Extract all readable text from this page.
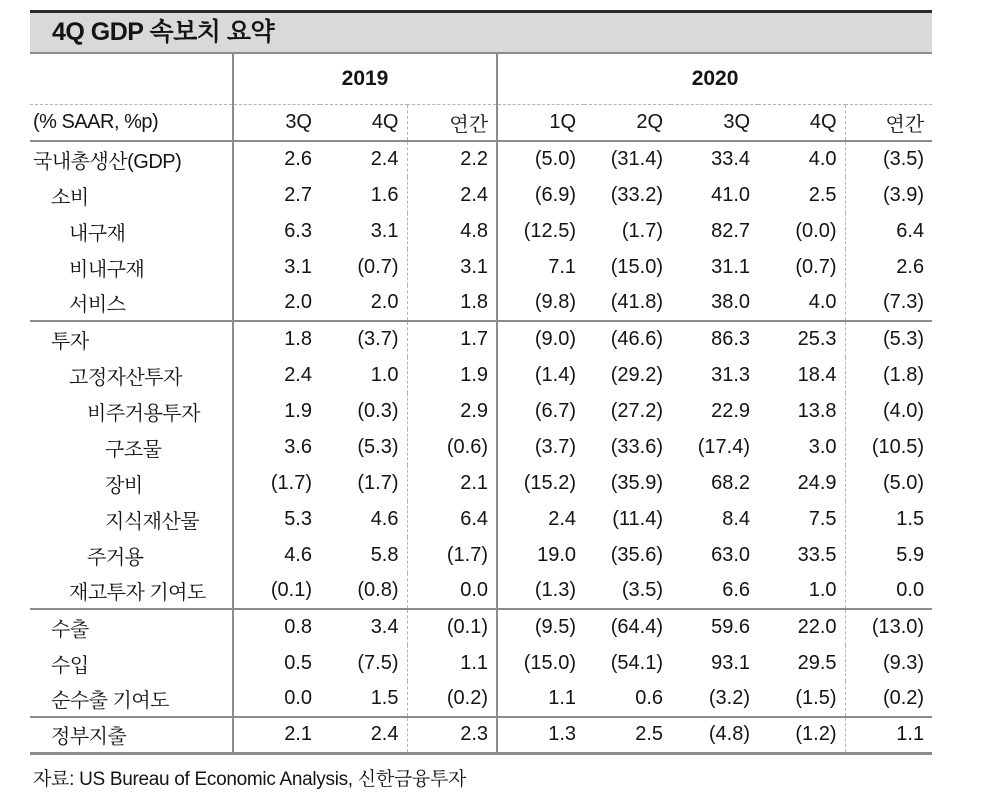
4Q GDP 속보치 요약
	2019			2020				
(% SAAR, %p)	3Q	4Q	연간	1Q	2Q	3Q	4Q	연간
국내총생산(GDP)	2.6	2.4	2.2	(5.0)	(31.4)	33.4	4.0	(3.5)
소비	2.7	1.6	2.4	(6.9)	(33.2)	41.0	2.5	(3.9)
내구재	6.3	3.1	4.8	(12.5)	(1.7)	82.7	(0.0)	6.4
비내구재	3.1	(0.7)	3.1	7.1	(15.0)	31.1	(0.7)	2.6
서비스	2.0	2.0	1.8	(9.8)	(41.8)	38.0	4.0	(7.3)
투자	1.8	(3.7)	1.7	(9.0)	(46.6)	86.3	25.3	(5.3)
고정자산투자	2.4	1.0	1.9	(1.4)	(29.2)	31.3	18.4	(1.8)
비주거용투자	1.9	(0.3)	2.9	(6.7)	(27.2)	22.9	13.8	(4.0)
구조물	3.6	(5.3)	(0.6)	(3.7)	(33.6)	(17.4)	3.0	(10.5)
장비	(1.7)	(1.7)	2.1	(15.2)	(35.9)	68.2	24.9	(5.0)
지식재산물	5.3	4.6	6.4	2.4	(11.4)	8.4	7.5	1.5
주거용	4.6	5.8	(1.7)	19.0	(35.6)	63.0	33.5	5.9
재고투자 기여도	(0.1)	(0.8)	0.0	(1.3)	(3.5)	6.6	1.0	0.0
수출	0.8	3.4	(0.1)	(9.5)	(64.4)	59.6	22.0	(13.0)
수입	0.5	(7.5)	1.1	(15.0)	(54.1)	93.1	29.5	(9.3)
순수출 기여도	0.0	1.5	(0.2)	1.1	0.6	(3.2)	(1.5)	(0.2)
정부지출	2.1	2.4	2.3	1.3	2.5	(4.8)	(1.2)	1.1
자료: US Bureau of Economic Analysis, 신한금융투자
